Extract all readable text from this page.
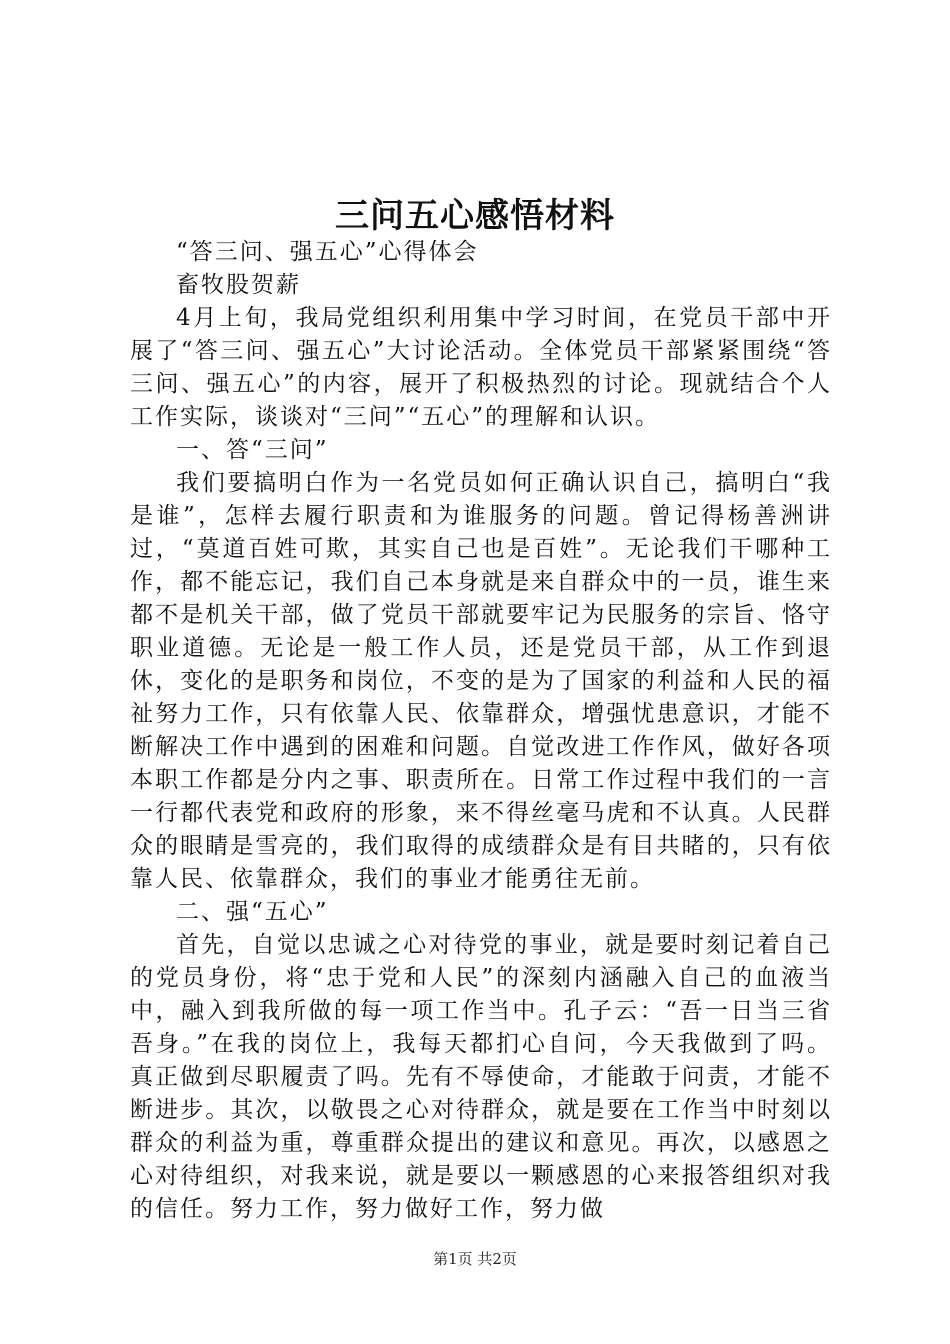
三问五心感悟材料

“答三问、强五心”心得体会

畜牧股贺薪

4月上旬，我局党组织利用集中学习时间，在党员干部中开展了“答三问、强五心”大讨论活动。全体党员干部紧紧围绕“答三问、强五心”的内容，展开了积极热烈的讨论。现就结合个人工作实际，谈谈对“三问”“五心”的理解和认识。

一、答“三问”

我们要搞明白作为一名党员如何正确认识自己，搞明白“我是谁”，怎样去履行职责和为谁服务的问题。曾记得杨善洲讲过，“莫道百姓可欺，其实自己也是百姓”。无论我们干哪种工作，都不能忘记，我们自己本身就是来自群众中的一员，谁生来都不是机关干部，做了党员干部就要牢记为民服务的宗旨、恪守职业道德。无论是一般工作人员，还是党员干部，从工作到退休，变化的是职务和岗位，不变的是为了国家的利益和人民的福祉努力工作，只有依靠人民、依靠群众，增强忧患意识，才能不断解决工作中遇到的困难和问题。自觉改进工作作风，做好各项本职工作都是分内之事、职责所在。日常工作过程中我们的一言一行都代表党和政府的形象，来不得丝毫马虎和不认真。人民群众的眼睛是雪亮的，我们取得的成绩群众是有目共睹的，只有依靠人民、依靠群众，我们的事业才能勇往无前。

二、强“五心”

首先，自觉以忠诚之心对待党的事业，就是要时刻记着自己的党员身份，将“忠于党和人民”的深刻内涵融入自己的血液当中，融入到我所做的每一项工作当中。孔子云：“吾一日当三省吾身。”在我的岗位上，我每天都扪心自问，今天我做到了吗。真正做到尽职履责了吗。先有不辱使命，才能敢于问责，才能不断进步。其次，以敬畏之心对待群众，就是要在工作当中时刻以群众的利益为重，尊重群众提出的建议和意见。再次，以感恩之心对待组织，对我来说，就是要以一颗感恩的心来报答组织对我的信任。努力工作，努力做好工作，努力做

第1页 共2页
